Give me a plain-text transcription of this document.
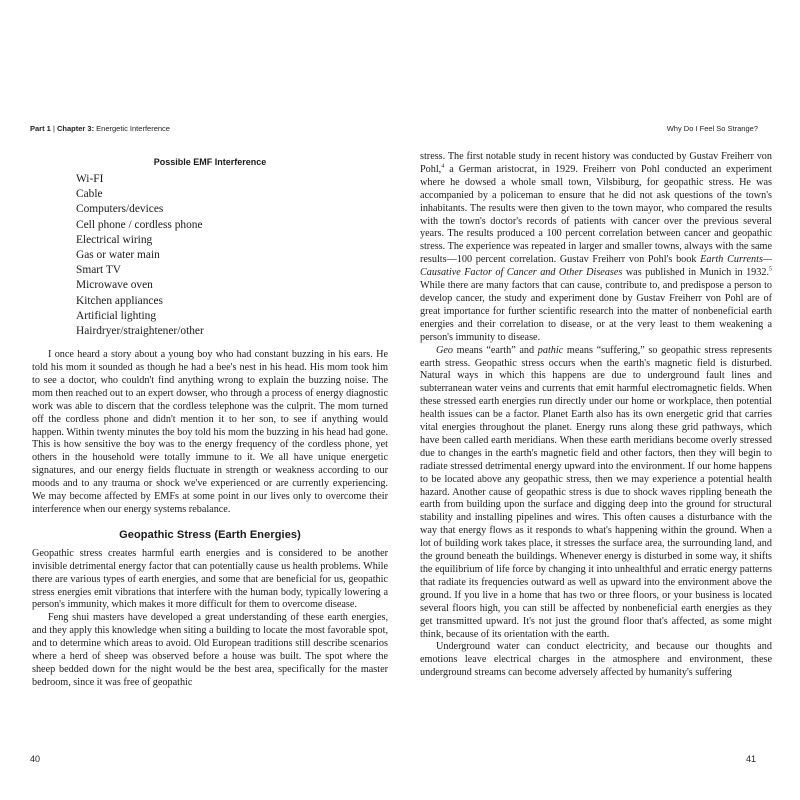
Part 1 | Chapter 3: Energetic Interference	Why Do I Feel So Strange?
Possible EMF Interference
Wi-FI
Cable
Computers/devices
Cell phone / cordless phone
Electrical wiring
Gas or water main
Smart TV
Microwave oven
Kitchen appliances
Artificial lighting
Hairdryer/straightener/other

I once heard a story about a young boy who had constant buzzing in his ears. He told his mom it sounded as though he had a bee's nest in his head. His mom took him to see a doctor, who couldn't find anything wrong to explain the buzzing noise. The mom then reached out to an expert dowser, who through a process of energy diagnostic work was able to discern that the cordless telephone was the culprit. The mom turned off the cordless phone and didn't mention it to her son, to see if anything would happen. Within twenty minutes the boy told his mom the buzzing in his head had gone. This is how sensitive the boy was to the energy frequency of the cordless phone, yet others in the household were totally immune to it. We all have unique energetic signatures, and our energy fields fluctuate in strength or weakness according to our moods and to any trauma or shock we've experienced or are currently experiencing. We may become affected by EMFs at some point in our lives only to overcome their interference when our energy systems rebalance.

Geopathic Stress (Earth Energies)

Geopathic stress creates harmful earth energies and is considered to be another invisible detrimental energy factor that can potentially cause us health problems. While there are various types of earth energies, and some that are beneficial for us, geopathic stress energies emit vibrations that interfere with the human body, typically lowering a person's immunity, which makes it more difficult for them to overcome disease.

Feng shui masters have developed a great understanding of these earth energies, and they apply this knowledge when siting a building to locate the most favorable spot, and to determine which areas to avoid. Old European traditions still describe scenarios where a herd of sheep was observed before a house was built. The spot where the sheep bedded down for the night would be the best area, specifically for the master bedroom, since it was free of geopathic

stress. The first notable study in recent history was conducted by Gustav Freiherr von Pohl,$^4$ a German aristocrat, in 1929. Freiherr von Pohl conducted an experiment where he dowsed a whole small town, Vilsbiburg, for geopathic stress. He was accompanied by a policeman to ensure that he did not ask questions of the town's inhabitants. The results were then given to the town mayor, who compared the results with the town's doctor's records of patients with cancer over the previous several years. The results produced a 100 percent correlation between cancer and geopathic stress. The experience was repeated in larger and smaller towns, always with the same results—100 percent correlation. Gustav Freiherr von Pohl's book Earth Currents—Causative Factor of Cancer and Other Diseases was published in Munich in 1932.$^5$ While there are many factors that can cause, contribute to, and predispose a person to develop cancer, the study and experiment done by Gustav Freiherr von Pohl are of great importance for further scientific research into the matter of nonbeneficial earth energies and their correlation to disease, or at the very least to them weakening a person's immunity to disease.

Geo means “earth” and pathic means “suffering,” so geopathic stress represents earth stress. Geopathic stress occurs when the earth's magnetic field is disturbed. Natural ways in which this happens are due to underground fault lines and subterranean water veins and currents that emit harmful electromagnetic fields. When these stressed earth energies run directly under our home or workplace, then potential health issues can be a factor. Planet Earth also has its own energetic grid that carries vital energies throughout the planet. Energy runs along these grid pathways, which have been called earth meridians. When these earth meridians become overly stressed due to changes in the earth's magnetic field and other factors, then they will begin to radiate stressed detrimental energy upward into the environment. If our home happens to be located above any geopathic stress, then we may experience a potential health hazard. Another cause of geopathic stress is due to shock waves rippling beneath the earth from building upon the surface and digging deep into the ground for structural stability and installing pipelines and wires. This often causes a disturbance with the way that energy flows as it responds to what's happening within the ground. When a lot of building work takes place, it stresses the surface area, the surrounding land, and the ground beneath the buildings. Whenever energy is disturbed in some way, it shifts the equilibrium of life force by changing it into unhealthful and erratic energy patterns that radiate its frequencies outward as well as upward into the environment above the ground. If you live in a home that has two or three floors, or your business is located several floors high, you can still be affected by nonbeneficial earth energies as they get transmitted upward. It's not just the ground floor that's affected, as some might think, because of its orientation with the earth.

Underground water can conduct electricity, and because our thoughts and emotions leave electrical charges in the atmosphere and environment, these underground streams can become adversely affected by humanity's suffering

40	41
